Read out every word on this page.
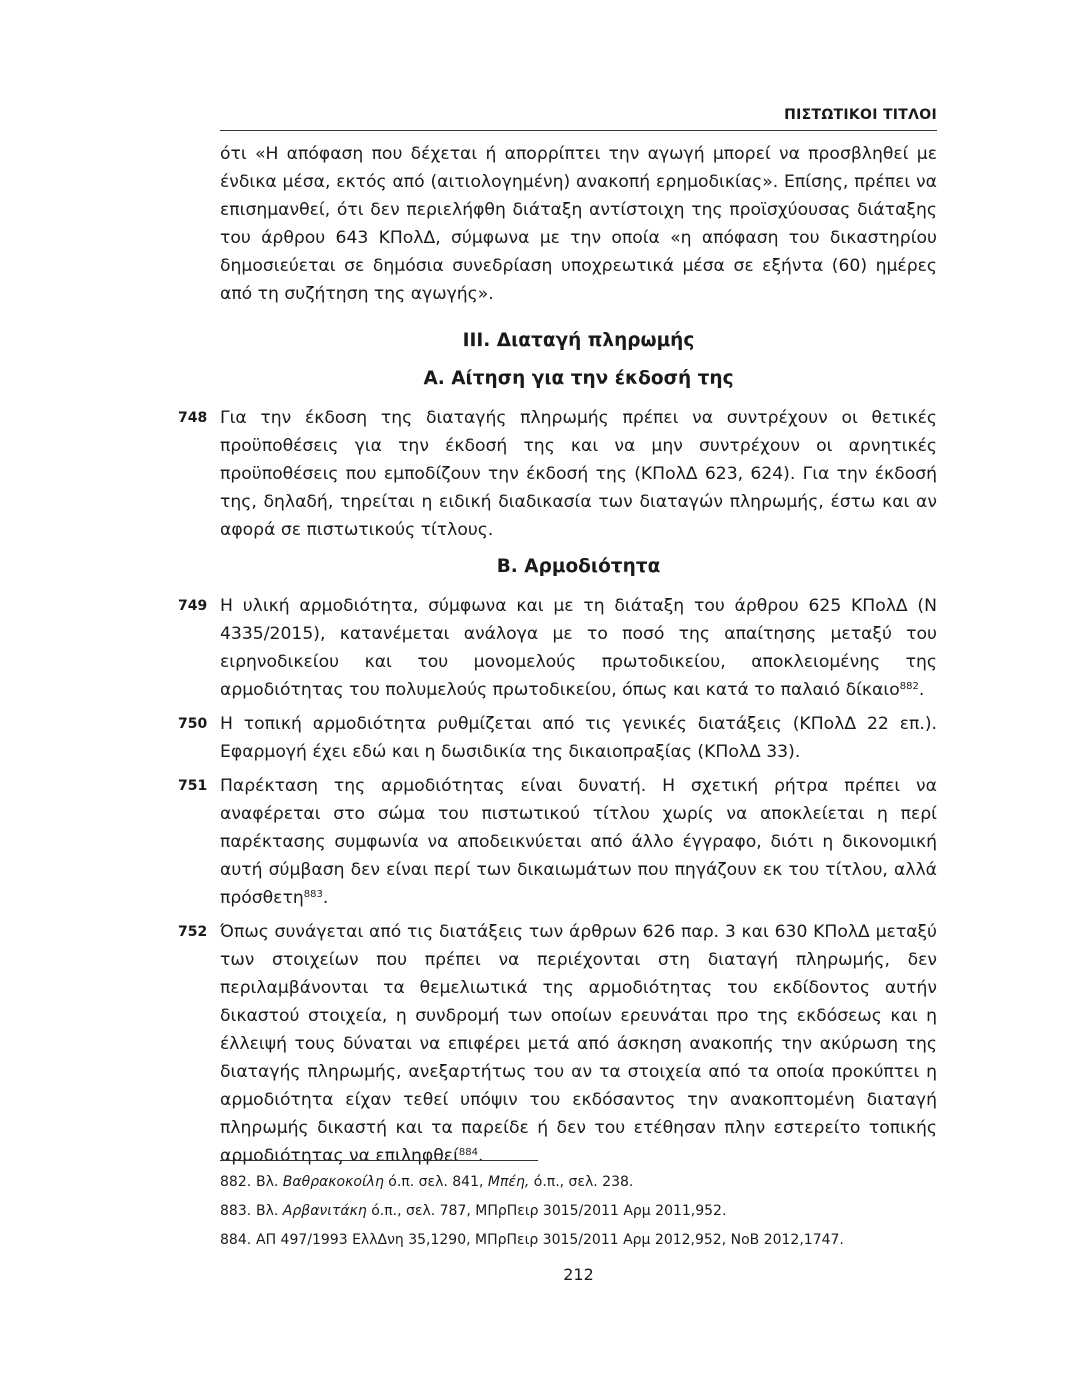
ΠΙΣΤΩΤΙΚΟΙ ΤΙΤΛΟΙ

ότι «Η απόφαση που δέχεται ή απορρίπτει την αγωγή μπορεί να προσβληθεί με ένδικα μέσα, εκτός από (αιτιολογημένη) ανακοπή ερημοδικίας». Επίσης, πρέπει να επισημανθεί, ότι δεν περιελήφθη διάταξη αντίστοιχη της προϊσχύουσας διάταξης του άρθρου 643 ΚΠολΔ, σύμφωνα με την οποία «η απόφαση του δικαστηρίου δημοσιεύεται σε δημόσια συνεδρίαση υποχρεωτικά μέσα σε εξήντα (60) ημέρες από τη συζήτηση της αγωγής».

ΙΙΙ. Διαταγή πληρωμής
Α. Αίτηση για την έκδοσή της
748 Για την έκδοση της διαταγής πληρωμής πρέπει να συντρέχουν οι θετικές προϋποθέσεις για την έκδοσή της και να μην συντρέχουν οι αρνητικές προϋποθέσεις που εμποδίζουν την έκδοσή της (ΚΠολΔ 623, 624). Για την έκδοσή της, δηλαδή, τηρείται η ειδική διαδικασία των διαταγών πληρωμής, έστω και αν αφορά σε πιστωτικούς τίτλους.

Β. Αρμοδιότητα
749 Η υλική αρμοδιότητα, σύμφωνα και με τη διάταξη του άρθρου 625 ΚΠολΔ (Ν 4335/2015), κατανέμεται ανάλογα με το ποσό της απαίτησης μεταξύ του ειρηνοδικείου και του μονομελούς πρωτοδικείου, αποκλειομένης της αρμοδιότητας του πολυμελούς πρωτοδικείου, όπως και κατά το παλαιό δίκαιο$^{882}$.

750 Η τοπική αρμοδιότητα ρυθμίζεται από τις γενικές διατάξεις (ΚΠολΔ 22 επ.). Εφαρμογή έχει εδώ και η δωσιδικία της δικαιοπραξίας (ΚΠολΔ 33).

751 Παρέκταση της αρμοδιότητας είναι δυνατή. Η σχετική ρήτρα πρέπει να αναφέρεται στο σώμα του πιστωτικού τίτλου χωρίς να αποκλείεται η περί παρέκτασης συμφωνία να αποδεικνύεται από άλλο έγγραφο, διότι η δικονομική αυτή σύμβαση δεν είναι περί των δικαιωμάτων που πηγάζουν εκ του τίτλου, αλλά πρόσθετη$^{883}$.

752 Όπως συνάγεται από τις διατάξεις των άρθρων 626 παρ. 3 και 630 ΚΠολΔ μεταξύ των στοιχείων που πρέπει να περιέχονται στη διαταγή πληρωμής, δεν περιλαμβάνονται τα θεμελιωτικά της αρμοδιότητας του εκδίδοντος αυτήν δικαστού στοιχεία, η συνδρομή των οποίων ερευνάται προ της εκδόσεως και η έλλειψή τους δύναται να επιφέρει μετά από άσκηση ανακοπής την ακύρωση της διαταγής πληρωμής, ανεξαρτήτως του αν τα στοιχεία από τα οποία προκύπτει η αρμοδιότητα είχαν τεθεί υπόψιν του εκδόσαντος την ανακοπτομένη διαταγή πληρωμής δικαστή και τα παρείδε ή δεν του ετέθησαν πλην εστερείτο τοπικής αρμοδιότητας να επιληφθεί$^{884}$.

882. Βλ. Βαθρακοκοίλη ό.π. σελ. 841, Μπέη, ό.π., σελ. 238.
883. Βλ. Αρβανιτάκη ό.π., σελ. 787, ΜΠρΠειρ 3015/2011 Αρμ 2011,952.
884. ΑΠ 497/1993 ΕλλΔνη 35,1290, ΜΠρΠειρ 3015/2011 Αρμ 2012,952, ΝοΒ 2012,1747.
212
